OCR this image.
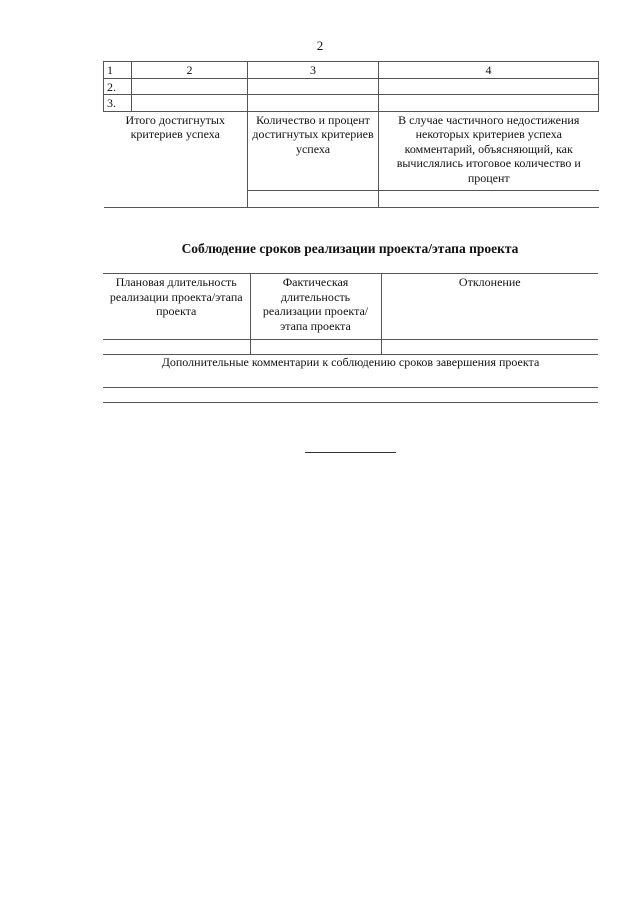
2
1	2	3	4
2.			
3.			
Итого достигнутых критериев успеха		Количество и процент достигнутых критериев успеха	В случае частичного недостижения некоторых критериев успеха комментарий, объясняющий, как вычислялись итоговое количество и процент

Соблюдение сроков реализации проекта/этапа проекта
Плановая длительность реализации проекта/этапа проекта	Фактическая длительность реализации проекта/этапа проекта	Отклонение

Дополнительные комментарии к соблюдению сроков завершения проекта		
